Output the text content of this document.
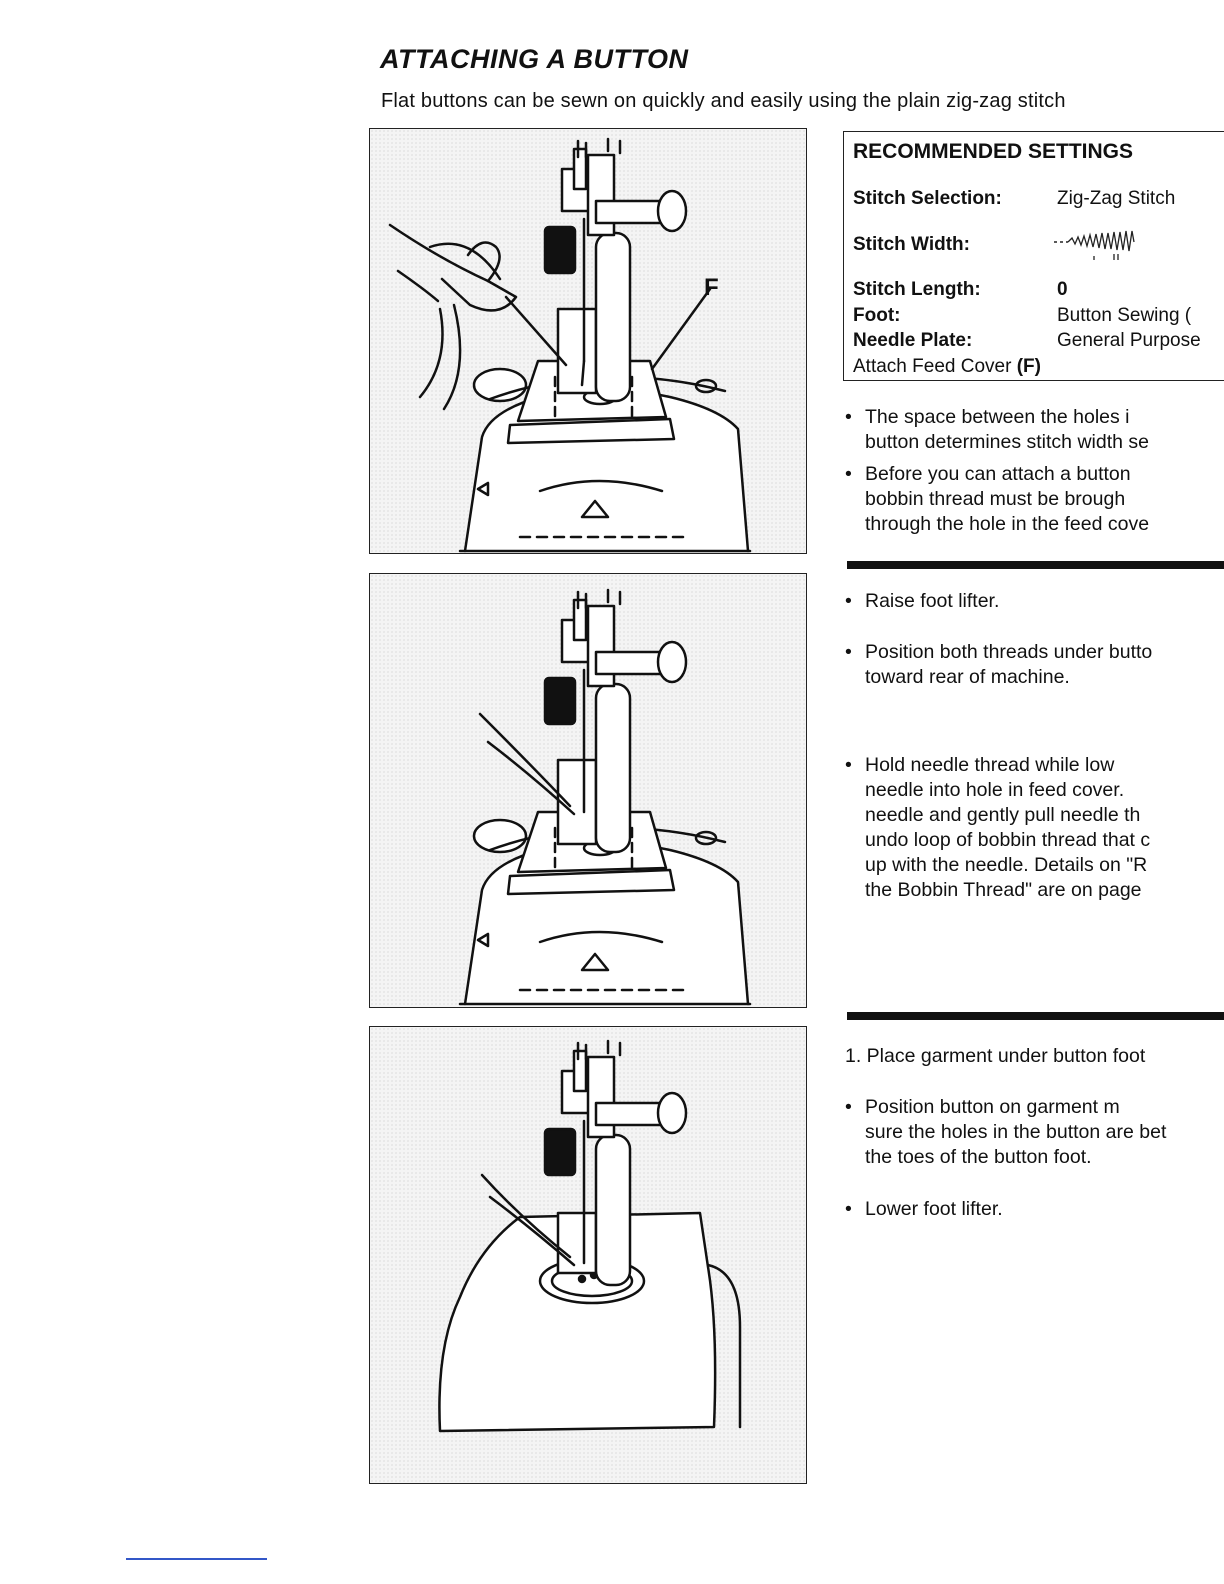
ATTACHING A BUTTON

Flat buttons can be sewn on quickly and easily using the plain zig-zag stitch

F
RECOMMENDED SETTINGS
Stitch Selection:	Zig-Zag Stitch
Stitch Width:
Stitch Length:	0
Foot:	Button Sewing (
Needle Plate:	General Purpose
Attach Feed Cover (F)
• The space between the holes i
button determines stitch width se
• Before you can attach a button
bobbin thread must be brough
through the hole in the feed cove
• Raise foot lifter.
• Position both threads under butto
toward rear of machine.
• Hold needle thread while low
needle into hole in feed cover.
needle and gently pull needle th
undo loop of bobbin thread that c
up with the needle. Details on "R
the Bobbin Thread" are on page
1. Place garment under button foot
• Position button on garment m
sure the holes in the button are bet
the toes of the button foot.
• Lower foot lifter.
